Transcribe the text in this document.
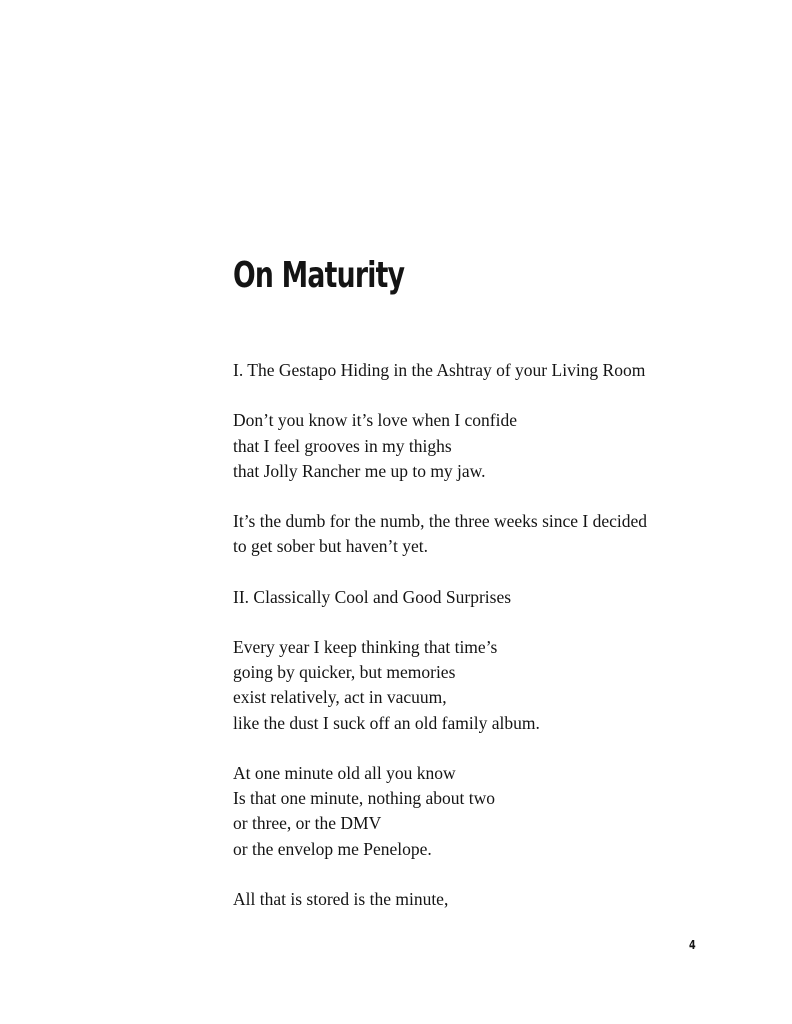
On Maturity
I. The Gestapo Hiding in the Ashtray of your Living Room
Don’t you know it’s love when I confide
that I feel grooves in my thighs
that Jolly Rancher me up to my jaw.
It’s the dumb for the numb, the three weeks since I decided
to get sober but haven’t yet.
II. Classically Cool and Good Surprises
Every year I keep thinking that time’s
going by quicker, but memories
exist relatively, act in vacuum,
like the dust I suck off an old family album.
At one minute old all you know
Is that one minute, nothing about two
or three, or the DMV
or the envelop me Penelope.
All that is stored is the minute,
4
